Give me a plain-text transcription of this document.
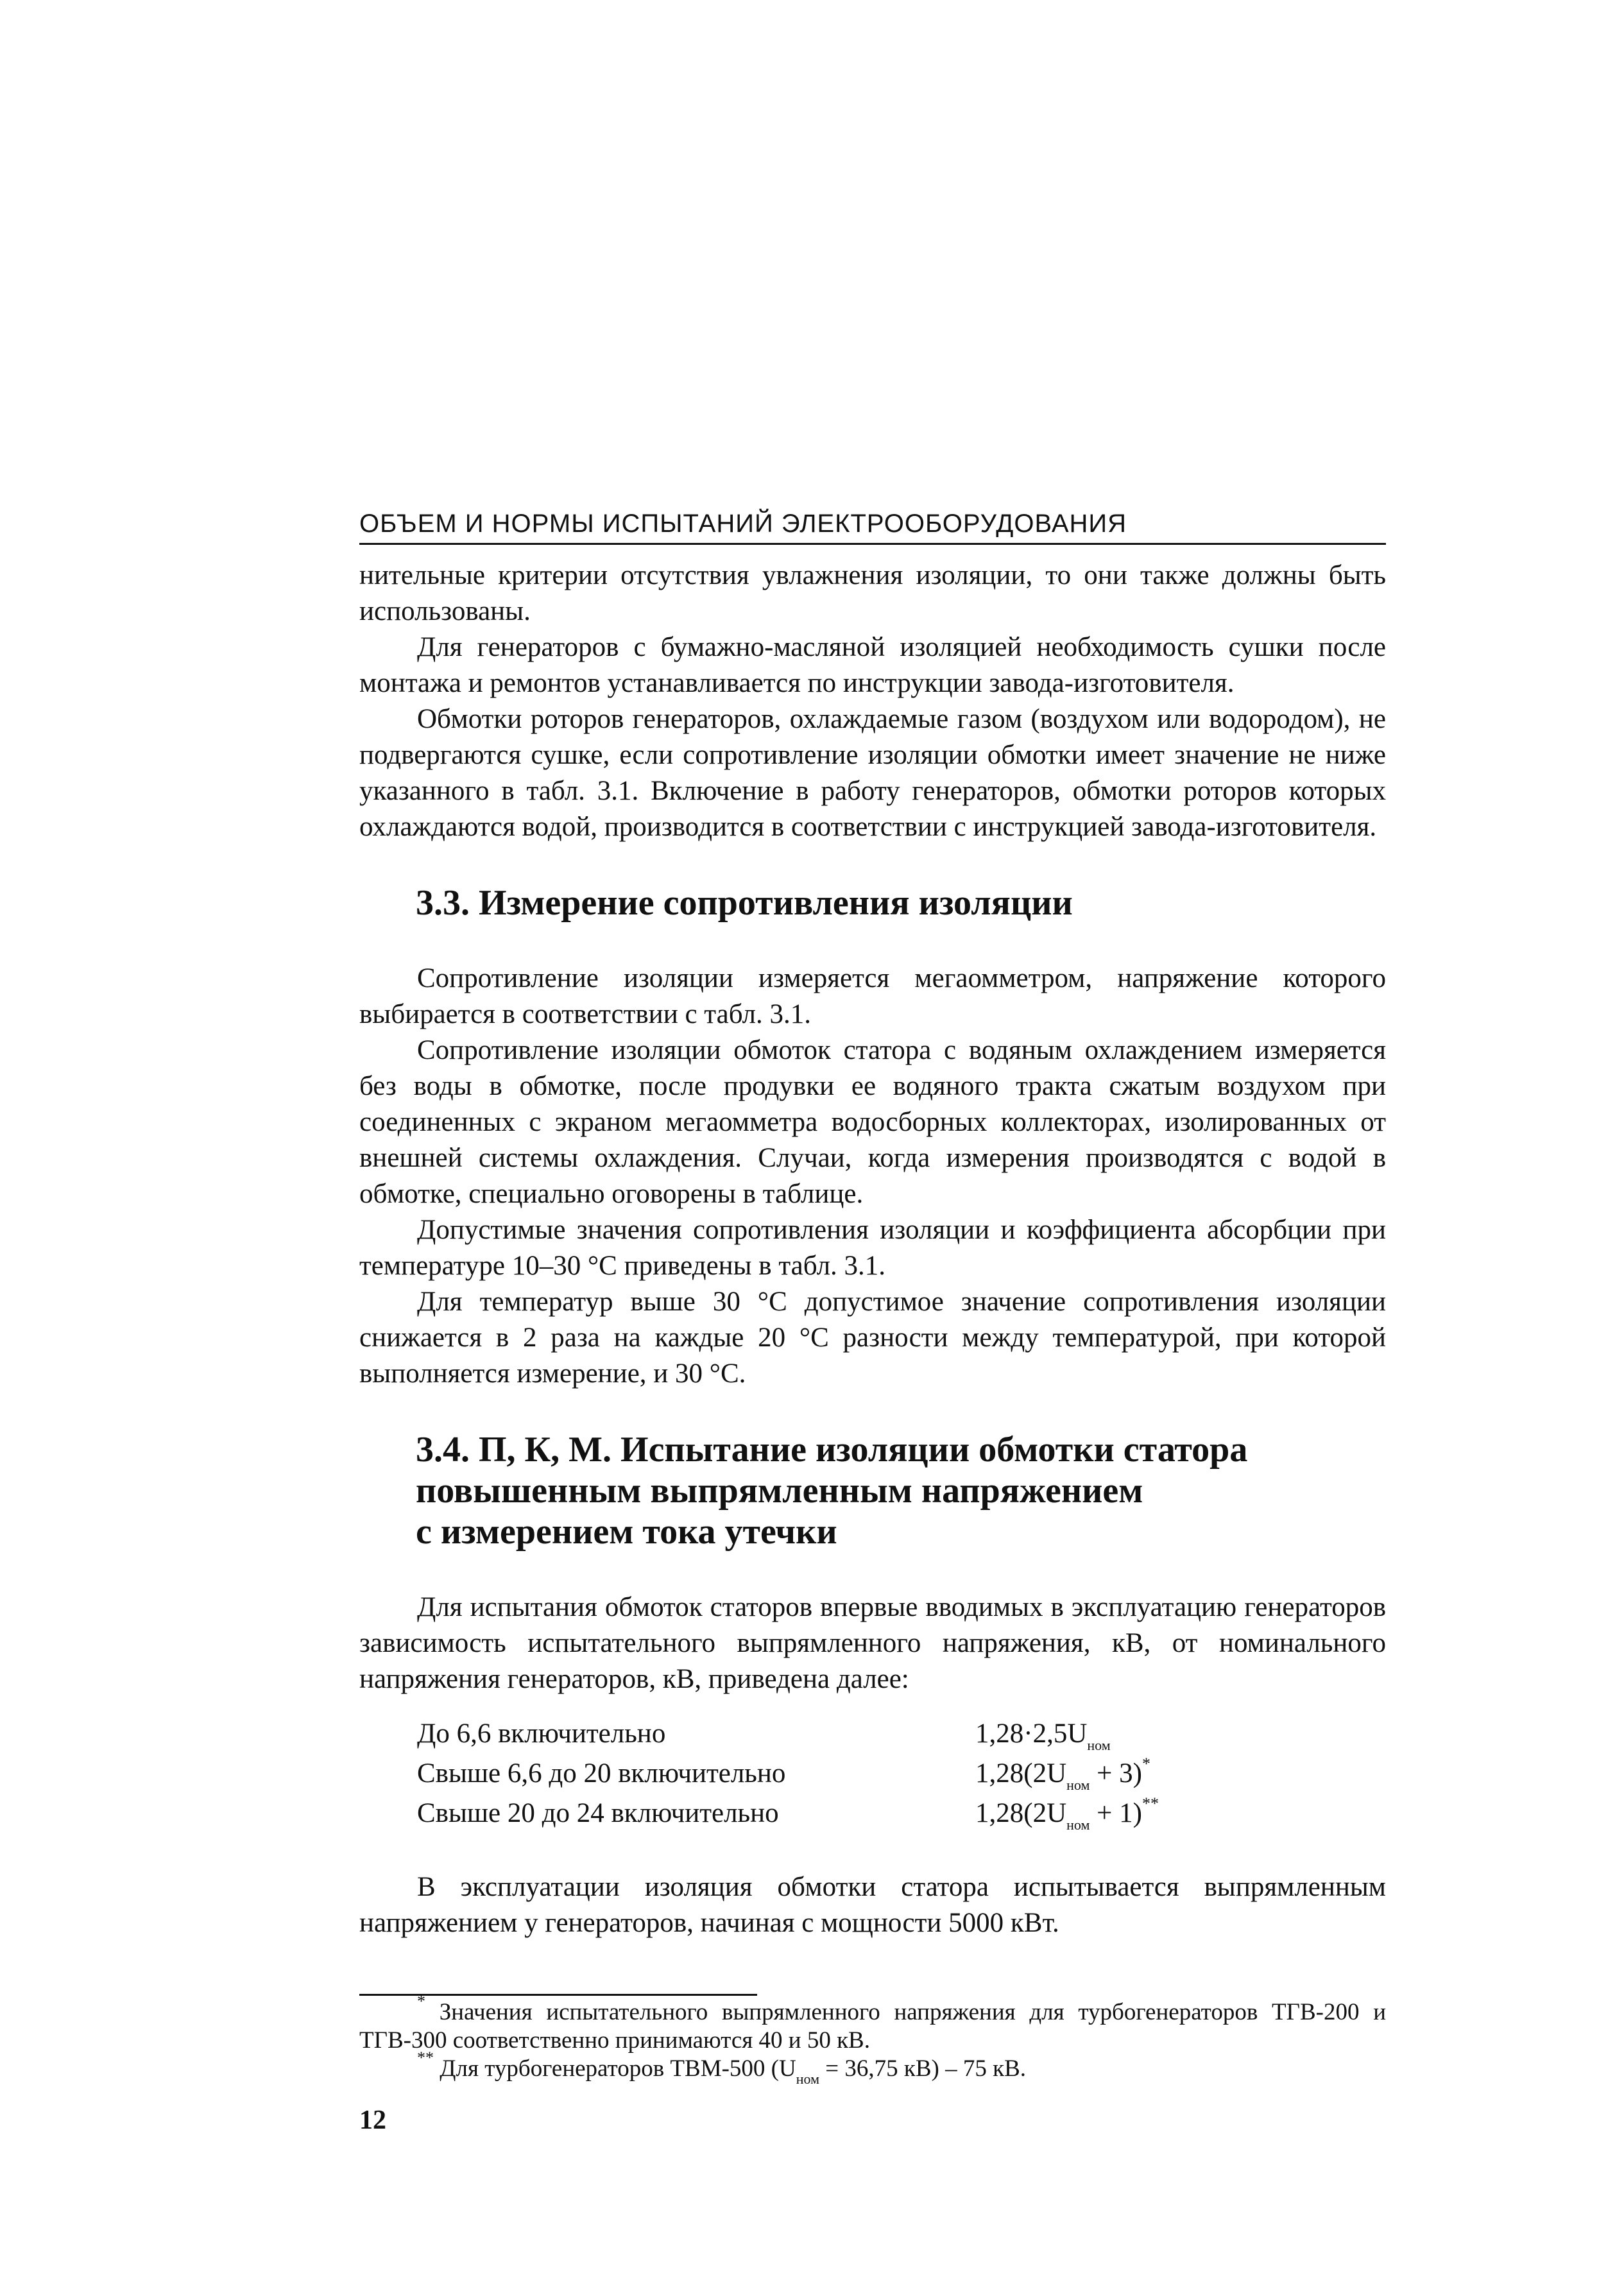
ОБЪЕМ И НОРМЫ ИСПЫТАНИЙ ЭЛЕКТРООБОРУДОВАНИЯ

нительные критерии отсутствия увлажнения изоляции, то они также должны быть использованы.

Для генераторов с бумажно-масляной изоляцией необходимость сушки после монтажа и ремонтов устанавливается по инструкции завода-изготовителя.

Обмотки роторов генераторов, охлаждаемые газом (воздухом или водородом), не подвергаются сушке, если сопротивление изоляции обмотки имеет значение не ниже указанного в табл. 3.1. Включение в работу генераторов, обмотки роторов которых охлаждаются водой, производится в соответствии с инструкцией завода-изготовителя.

3.3. Измерение сопротивления изоляции

Сопротивление изоляции измеряется мегаомметром, напряжение которого выбирается в соответствии с табл. 3.1.

Сопротивление изоляции обмоток статора с водяным охлаждением измеряется без воды в обмотке, после продувки ее водяного тракта сжатым воздухом при соединенных с экраном мегаомметра водосборных коллекторах, изолированных от внешней системы охлаждения. Случаи, когда измерения производятся с водой в обмотке, специально оговорены в таблице.

Допустимые значения сопротивления изоляции и коэффициента абсорбции при температуре 10–30 °С приведены в табл. 3.1.

Для температур выше 30 °С допустимое значение сопротивления изоляции снижается в 2 раза на каждые 20 °С разности между температурой, при которой выполняется измерение, и 30 °С.

3.4. П, К, М. Испытание изоляции обмотки статора
повышенным выпрямленным напряжением
с измерением тока утечки

Для испытания обмоток статоров впервые вводимых в эксплуатацию генераторов зависимость испытательного выпрямленного напряжения, кВ, от номинального напряжения генераторов, кВ, приведена далее:

До 6,6 включительно	$1,28\cdot 2,5U_{ном}$
Свыше 6,6 до 20 включительно	$1,28(2U_{ном} + 3)^*$
Свыше 20 до 24 включительно	$1,28(2U_{ном} + 1)^{**}$

В эксплуатации изоляция обмотки статора испытывается выпрямленным напряжением у генераторов, начиная с мощности 5000 кВт.

* Значения испытательного выпрямленного напряжения для турбогенераторов ТГВ-200 и ТГВ-300 соответственно принимаются 40 и 50 кВ.

** Для турбогенераторов ТВМ-500 ($U_{ном} = 36,75$ кВ) – 75 кВ.

12
